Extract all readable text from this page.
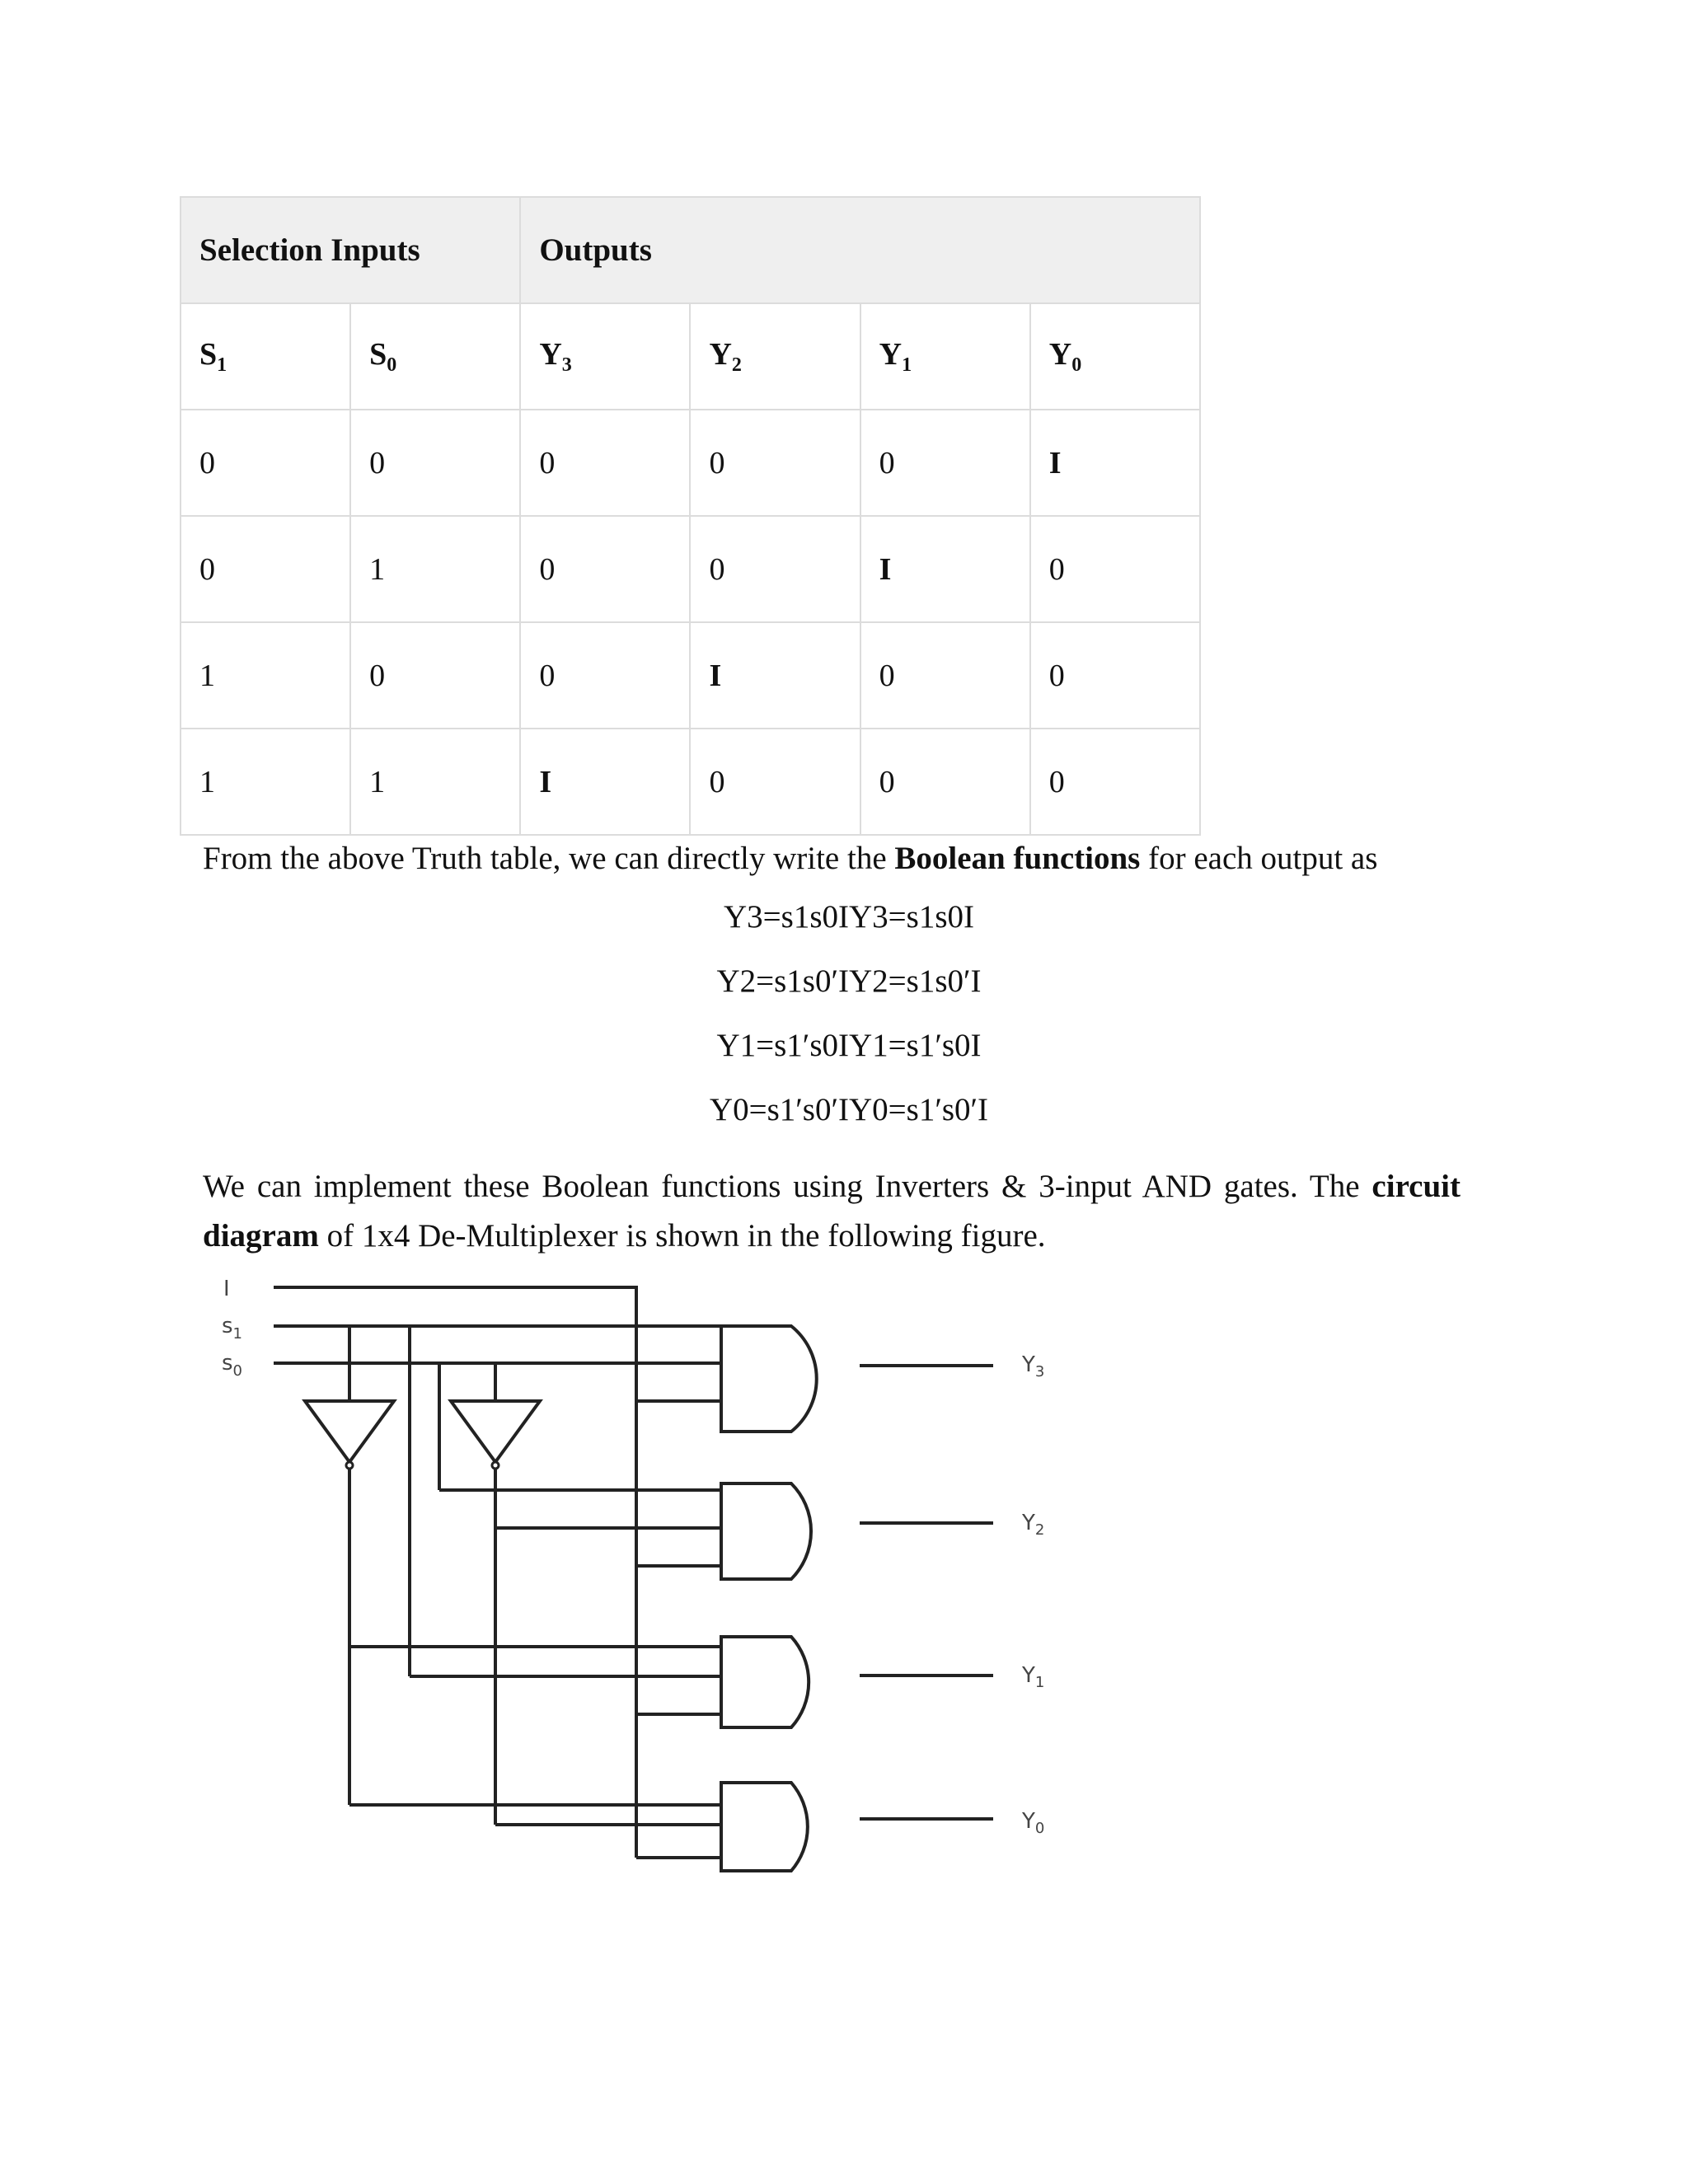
Selection Inputs		Outputs			
$S_1$	$S_0$	$Y_3$	$Y_2$	$Y_1$	$Y_0$
0	0	0	0	0	I
0	1	0	0	I	0
1	0	0	I	0	0
1	1	I	0	0	0

From the above Truth table, we can directly write the Boolean functions for each output as

Y3=s1s0IY3=s1s0I

Y2=s1s0′IY2=s1s0′I

Y1=s1′s0IY1=s1′s0I

Y0=s1′s0′IY0=s1′s0′I

We can implement these Boolean functions using Inverters & 3-input AND gates. The circuit diagram of 1x4 De-Multiplexer is shown in the following figure.

I
$s_1$
$s_0$	$Y_3$
$Y_2$
$Y_1$
$Y_0$
